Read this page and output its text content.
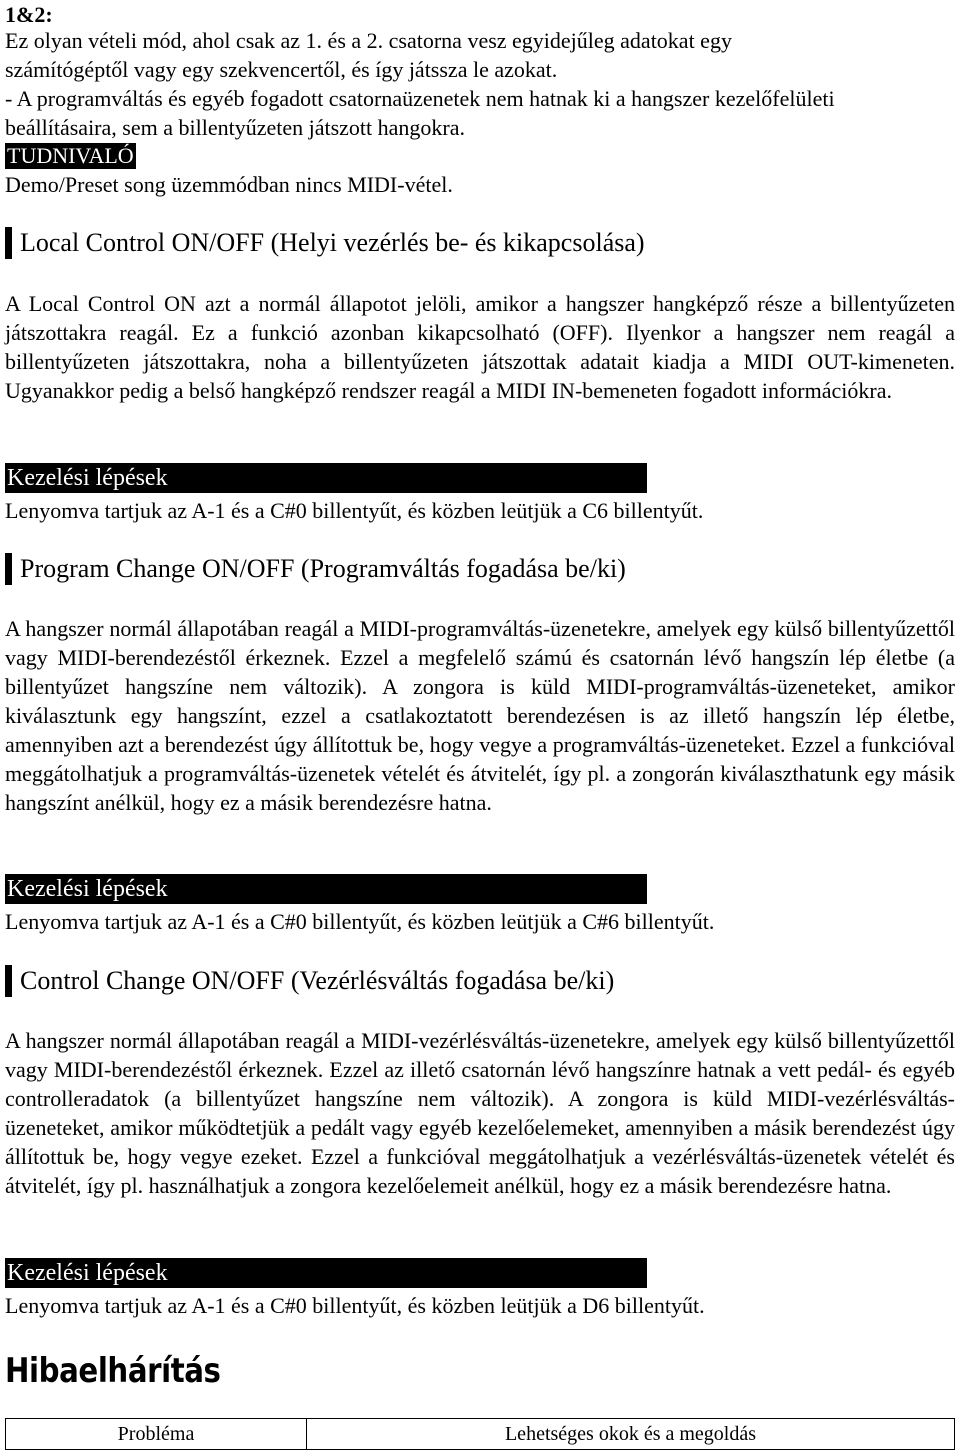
1&2:
Ez olyan vételi mód, ahol csak az 1. és a 2. csatorna vesz egyidejűleg adatokat egy
számítógéptől vagy egy szekvencertől, és így játssza le azokat.
- A programváltás és egyéb fogadott csatornaüzenetek nem hatnak ki a hangszer kezelőfelületi
beállításaira, sem a billentyűzeten játszott hangokra.
TUDNIVALÓ
Demo/Preset song üzemmódban nincs MIDI-vétel.
Local Control ON/OFF (Helyi vezérlés be- és kikapcsolása)
A Local Control ON azt a normál állapotot jelöli, amikor a hangszer hangképző része a billentyűzeten játszottakra reagál. Ez a funkció azonban kikapcsolható (OFF). Ilyenkor a hangszer nem reagál a billentyűzeten játszottakra, noha a billentyűzeten játszottak adatait kiadja a MIDI OUT-kimeneten. Ugyanakkor pedig a belső hangképző rendszer reagál a MIDI IN-bemeneten fogadott információkra.
Kezelési lépések
Lenyomva tartjuk az A-1 és a C#0 billentyűt, és közben leütjük a C6 billentyűt.
Program Change ON/OFF (Programváltás fogadása be/ki)
A hangszer normál állapotában reagál a MIDI-programváltás-üzenetekre, amelyek egy külső billentyűzettől vagy MIDI-berendezéstől érkeznek. Ezzel a megfelelő számú és csatornán lévő hangszín lép életbe (a billentyűzet hangszíne nem változik). A zongora is küld MIDI-programváltás-üzeneteket, amikor kiválasztunk egy hangszínt, ezzel a csatlakoztatott berendezésen is az illető hangszín lép életbe, amennyiben azt a berendezést úgy állítottuk be, hogy vegye a programváltás-üzeneteket. Ezzel a funkcióval meggátolhatjuk a programváltás-üzenetek vételét és átvitelét, így pl. a zongorán kiválaszthatunk egy másik hangszínt anélkül, hogy ez a másik berendezésre hatna.
Kezelési lépések
Lenyomva tartjuk az A-1 és a C#0 billentyűt, és közben leütjük a C#6 billentyűt.
Control Change ON/OFF (Vezérlésváltás fogadása be/ki)
A hangszer normál állapotában reagál a MIDI-vezérlésváltás-üzenetekre, amelyek egy külső billentyűzettől vagy MIDI-berendezéstől érkeznek. Ezzel az illető csatornán lévő hangszínre hatnak a vett pedál- és egyéb controlleradatok (a billentyűzet hangszíne nem változik). A zongora is küld MIDI-vezérlésváltás-üzeneteket, amikor működtetjük a pedált vagy egyéb kezelőelemeket, amennyiben a másik berendezést úgy állítottuk be, hogy vegye ezeket. Ezzel a funkcióval meggátolhatjuk a vezérlésváltás-üzenetek vételét és átvitelét, így pl. használhatjuk a zongora kezelőelemeit anélkül, hogy ez a másik berendezésre hatna.
Kezelési lépések
Lenyomva tartjuk az A-1 és a C#0 billentyűt, és közben leütjük a D6 billentyűt.
Hibaelhárítás
Probléma	Lehetséges okok és a megoldás
